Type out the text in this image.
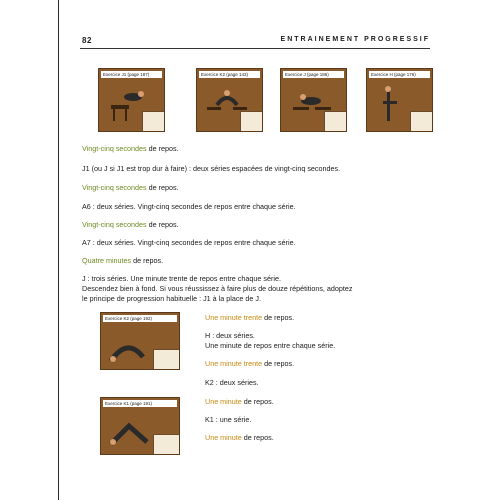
82	ENTRAINEMENT PROGRESSIF
Exercice J1 (page 187)	Exercice K2 (page 143)	Exercice J (page 186)	Exercice H (page 176)
Vingt-cinq secondes de repos.
J1 (ou J si J1 est trop dur à faire) : deux séries espacées de vingt-cinq secondes.
Vingt-cinq secondes de repos.
A6 : deux séries. Vingt-cinq secondes de repos entre chaque série.
Vingt-cinq secondes de repos.
A7 : deux séries. Vingt-cinq secondes de repos entre chaque série.
Quatre minutes de repos.
J : trois séries. Une minute trente de repos entre chaque série.
Descendez bien à fond. Si vous réussissez à faire plus de douze répétitions, adoptez
le principe de progression habituelle : J1 à la place de J.
Exercice K2 (page 192)
Exercice K1 (page 191)
Une minute trente de repos.
H : deux séries.
Une minute de repos entre chaque série.
Une minute trente de repos.
K2 : deux séries.
Une minute de repos.
K1 : une série.
Une minute de repos.
